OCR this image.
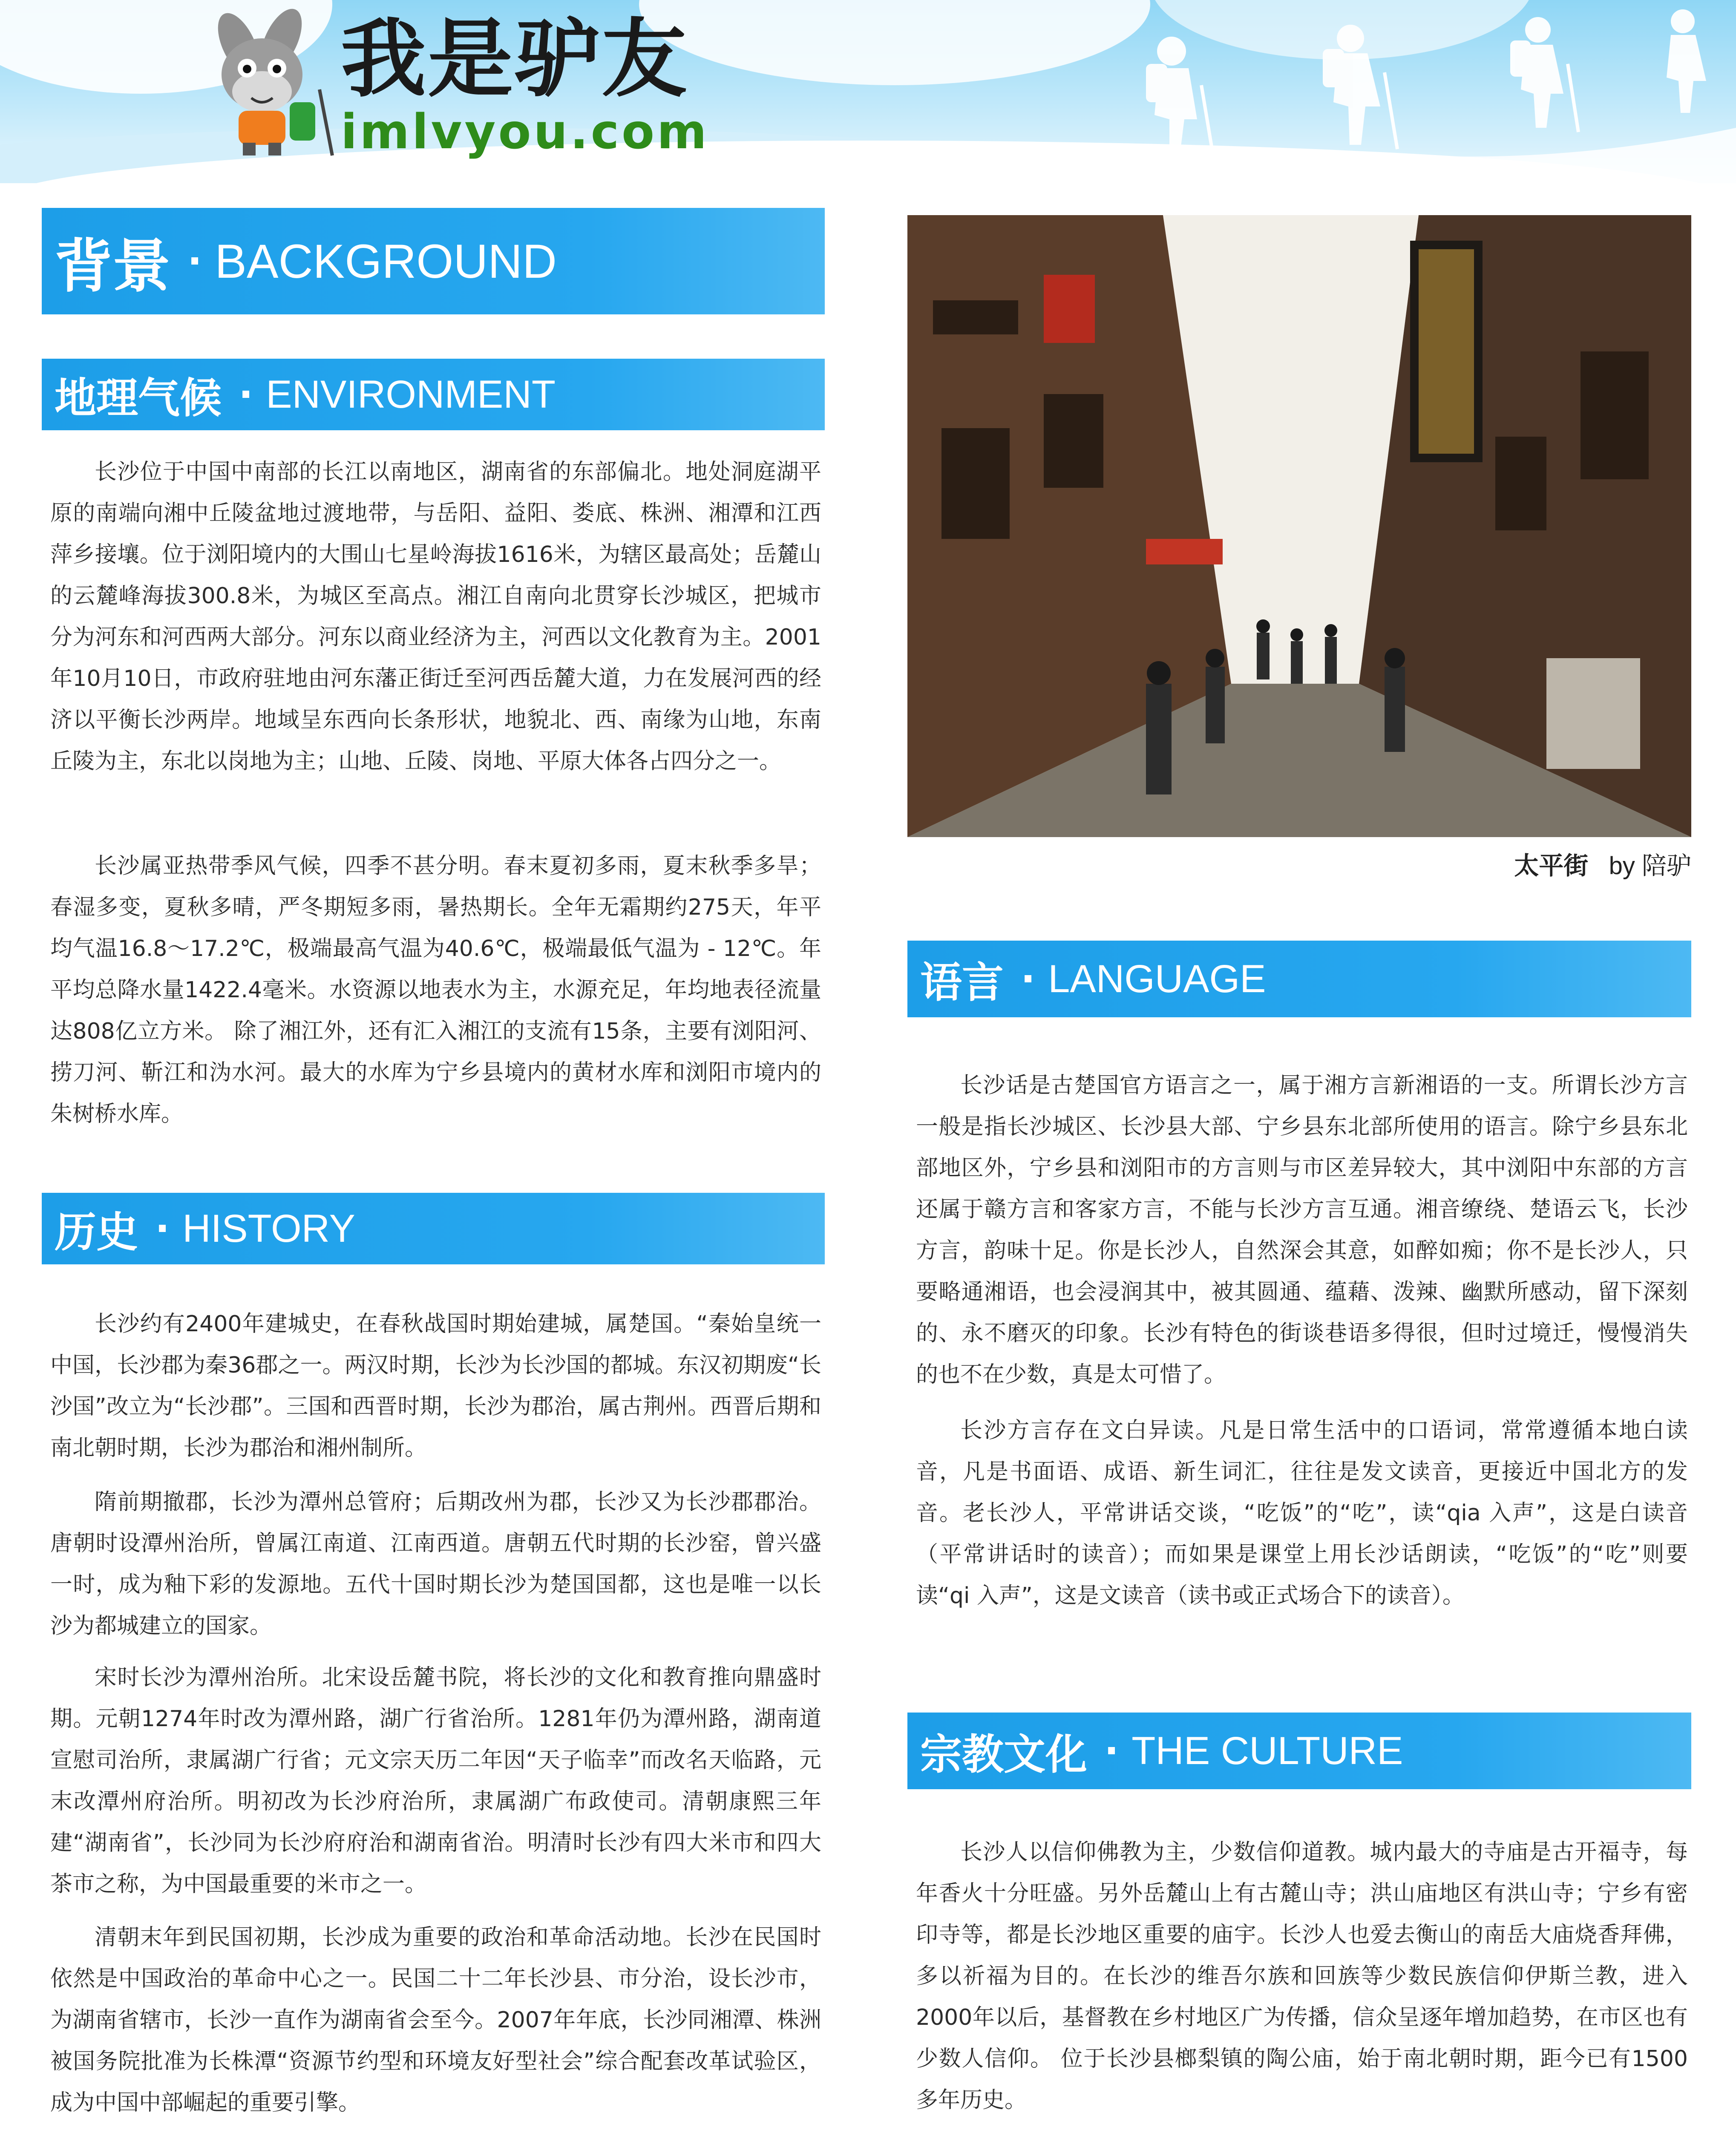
我是驴友
imlvyou.com
背景 · BACKGROUND
地理气候 · ENVIRONMENT

长沙位于中国中南部的长江以南地区，湖南省的东部偏北。地处洞庭湖平原的南端向湘中丘陵盆地过渡地带，与岳阳、益阳、娄底、株洲、湘潭和江西萍乡接壤。位于浏阳境内的大围山七星岭海拔1616米，为辖区最高处；岳麓山的云麓峰海拔300.8米，为城区至高点。湘江自南向北贯穿长沙城区，把城市分为河东和河西两大部分。河东以商业经济为主，河西以文化教育为主。2001年10月10日，市政府驻地由河东藩正街迁至河西岳麓大道，力在发展河西的经济以平衡长沙两岸。地域呈东西向长条形状，地貌北、西、南缘为山地，东南丘陵为主，东北以岗地为主；山地、丘陵、岗地、平原大体各占四分之一。

长沙属亚热带季风气候，四季不甚分明。春末夏初多雨，夏末秋季多旱；春湿多变，夏秋多晴，严冬期短多雨，暑热期长。全年无霜期约275天，年平均气温16.8～17.2℃，极端最高气温为40.6℃，极端最低气温为 - 12℃。年平均总降水量1422.4毫米。水资源以地表水为主，水源充足，年均地表径流量达808亿立方米。 除了湘江外，还有汇入湘江的支流有15条，主要有浏阳河、捞刀河、靳江和沩水河。最大的水库为宁乡县境内的黄材水库和浏阳市境内的朱树桥水库。

历史 · HISTORY

长沙约有2400年建城史，在春秋战国时期始建城，属楚国。“秦始皇统一中国，长沙郡为秦36郡之一。两汉时期，长沙为长沙国的都城。东汉初期废“长沙国”改立为“长沙郡”。三国和西晋时期，长沙为郡治，属古荆州。西晋后期和南北朝时期，长沙为郡治和湘州制所。

隋前期撤郡，长沙为潭州总管府；后期改州为郡，长沙又为长沙郡郡治。唐朝时设潭州治所，曾属江南道、江南西道。唐朝五代时期的长沙窑，曾兴盛一时，成为釉下彩的发源地。五代十国时期长沙为楚国国都，这也是唯一以长沙为都城建立的国家。

宋时长沙为潭州治所。北宋设岳麓书院，将长沙的文化和教育推向鼎盛时期。元朝1274年时改为潭州路，湖广行省治所。1281年仍为潭州路，湖南道宣慰司治所，隶属湖广行省；元文宗天历二年因“天子临幸”而改名天临路，元末改潭州府治所。明初改为长沙府治所，隶属湖广布政使司。清朝康熙三年建“湖南省”，长沙同为长沙府府治和湖南省治。明清时长沙有四大米市和四大茶市之称，为中国最重要的米市之一。

清朝末年到民国初期，长沙成为重要的政治和革命活动地。长沙在民国时依然是中国政治的革命中心之一。民国二十二年长沙县、市分治，设长沙市，为湖南省辖市，长沙一直作为湖南省会至今。2007年年底，长沙同湘潭、株洲被国务院批准为长株潭“资源节约型和环境友好型社会”综合配套改革试验区，成为中国中部崛起的重要引擎。

太平街 by 陪驴
语言 · LANGUAGE

长沙话是古楚国官方语言之一，属于湘方言新湘语的一支。所谓长沙方言一般是指长沙城区、长沙县大部、宁乡县东北部所使用的语言。除宁乡县东北部地区外，宁乡县和浏阳市的方言则与市区差异较大，其中浏阳中东部的方言还属于赣方言和客家方言，不能与长沙方言互通。湘音缭绕、楚语云飞，长沙方言，韵味十足。你是长沙人，自然深会其意，如醉如痴；你不是长沙人，只要略通湘语，也会浸润其中，被其圆通、蕴藉、泼辣、幽默所感动，留下深刻的、永不磨灭的印象。长沙有特色的街谈巷语多得很，但时过境迁，慢慢消失的也不在少数，真是太可惜了。

长沙方言存在文白异读。凡是日常生活中的口语词，常常遵循本地白读音，凡是书面语、成语、新生词汇，往往是发文读音，更接近中国北方的发音。老长沙人，平常讲话交谈，“吃饭”的“吃”，读“qia 入声”，这是白读音（平常讲话时的读音）；而如果是课堂上用长沙话朗读，“吃饭”的“吃”则要读“qi 入声”，这是文读音（读书或正式场合下的读音）。

宗教文化 · THE CULTURE

长沙人以信仰佛教为主，少数信仰道教。城内最大的寺庙是古开福寺，每年香火十分旺盛。另外岳麓山上有古麓山寺；洪山庙地区有洪山寺；宁乡有密印寺等，都是长沙地区重要的庙宇。长沙人也爱去衡山的南岳大庙烧香拜佛，多以祈福为目的。在长沙的维吾尔族和回族等少数民族信仰伊斯兰教，进入2000年以后，基督教在乡村地区广为传播，信众呈逐年增加趋势，在市区也有少数人信仰。 位于长沙县榔梨镇的陶公庙，始于南北朝时期，距今已有1500多年历史。
